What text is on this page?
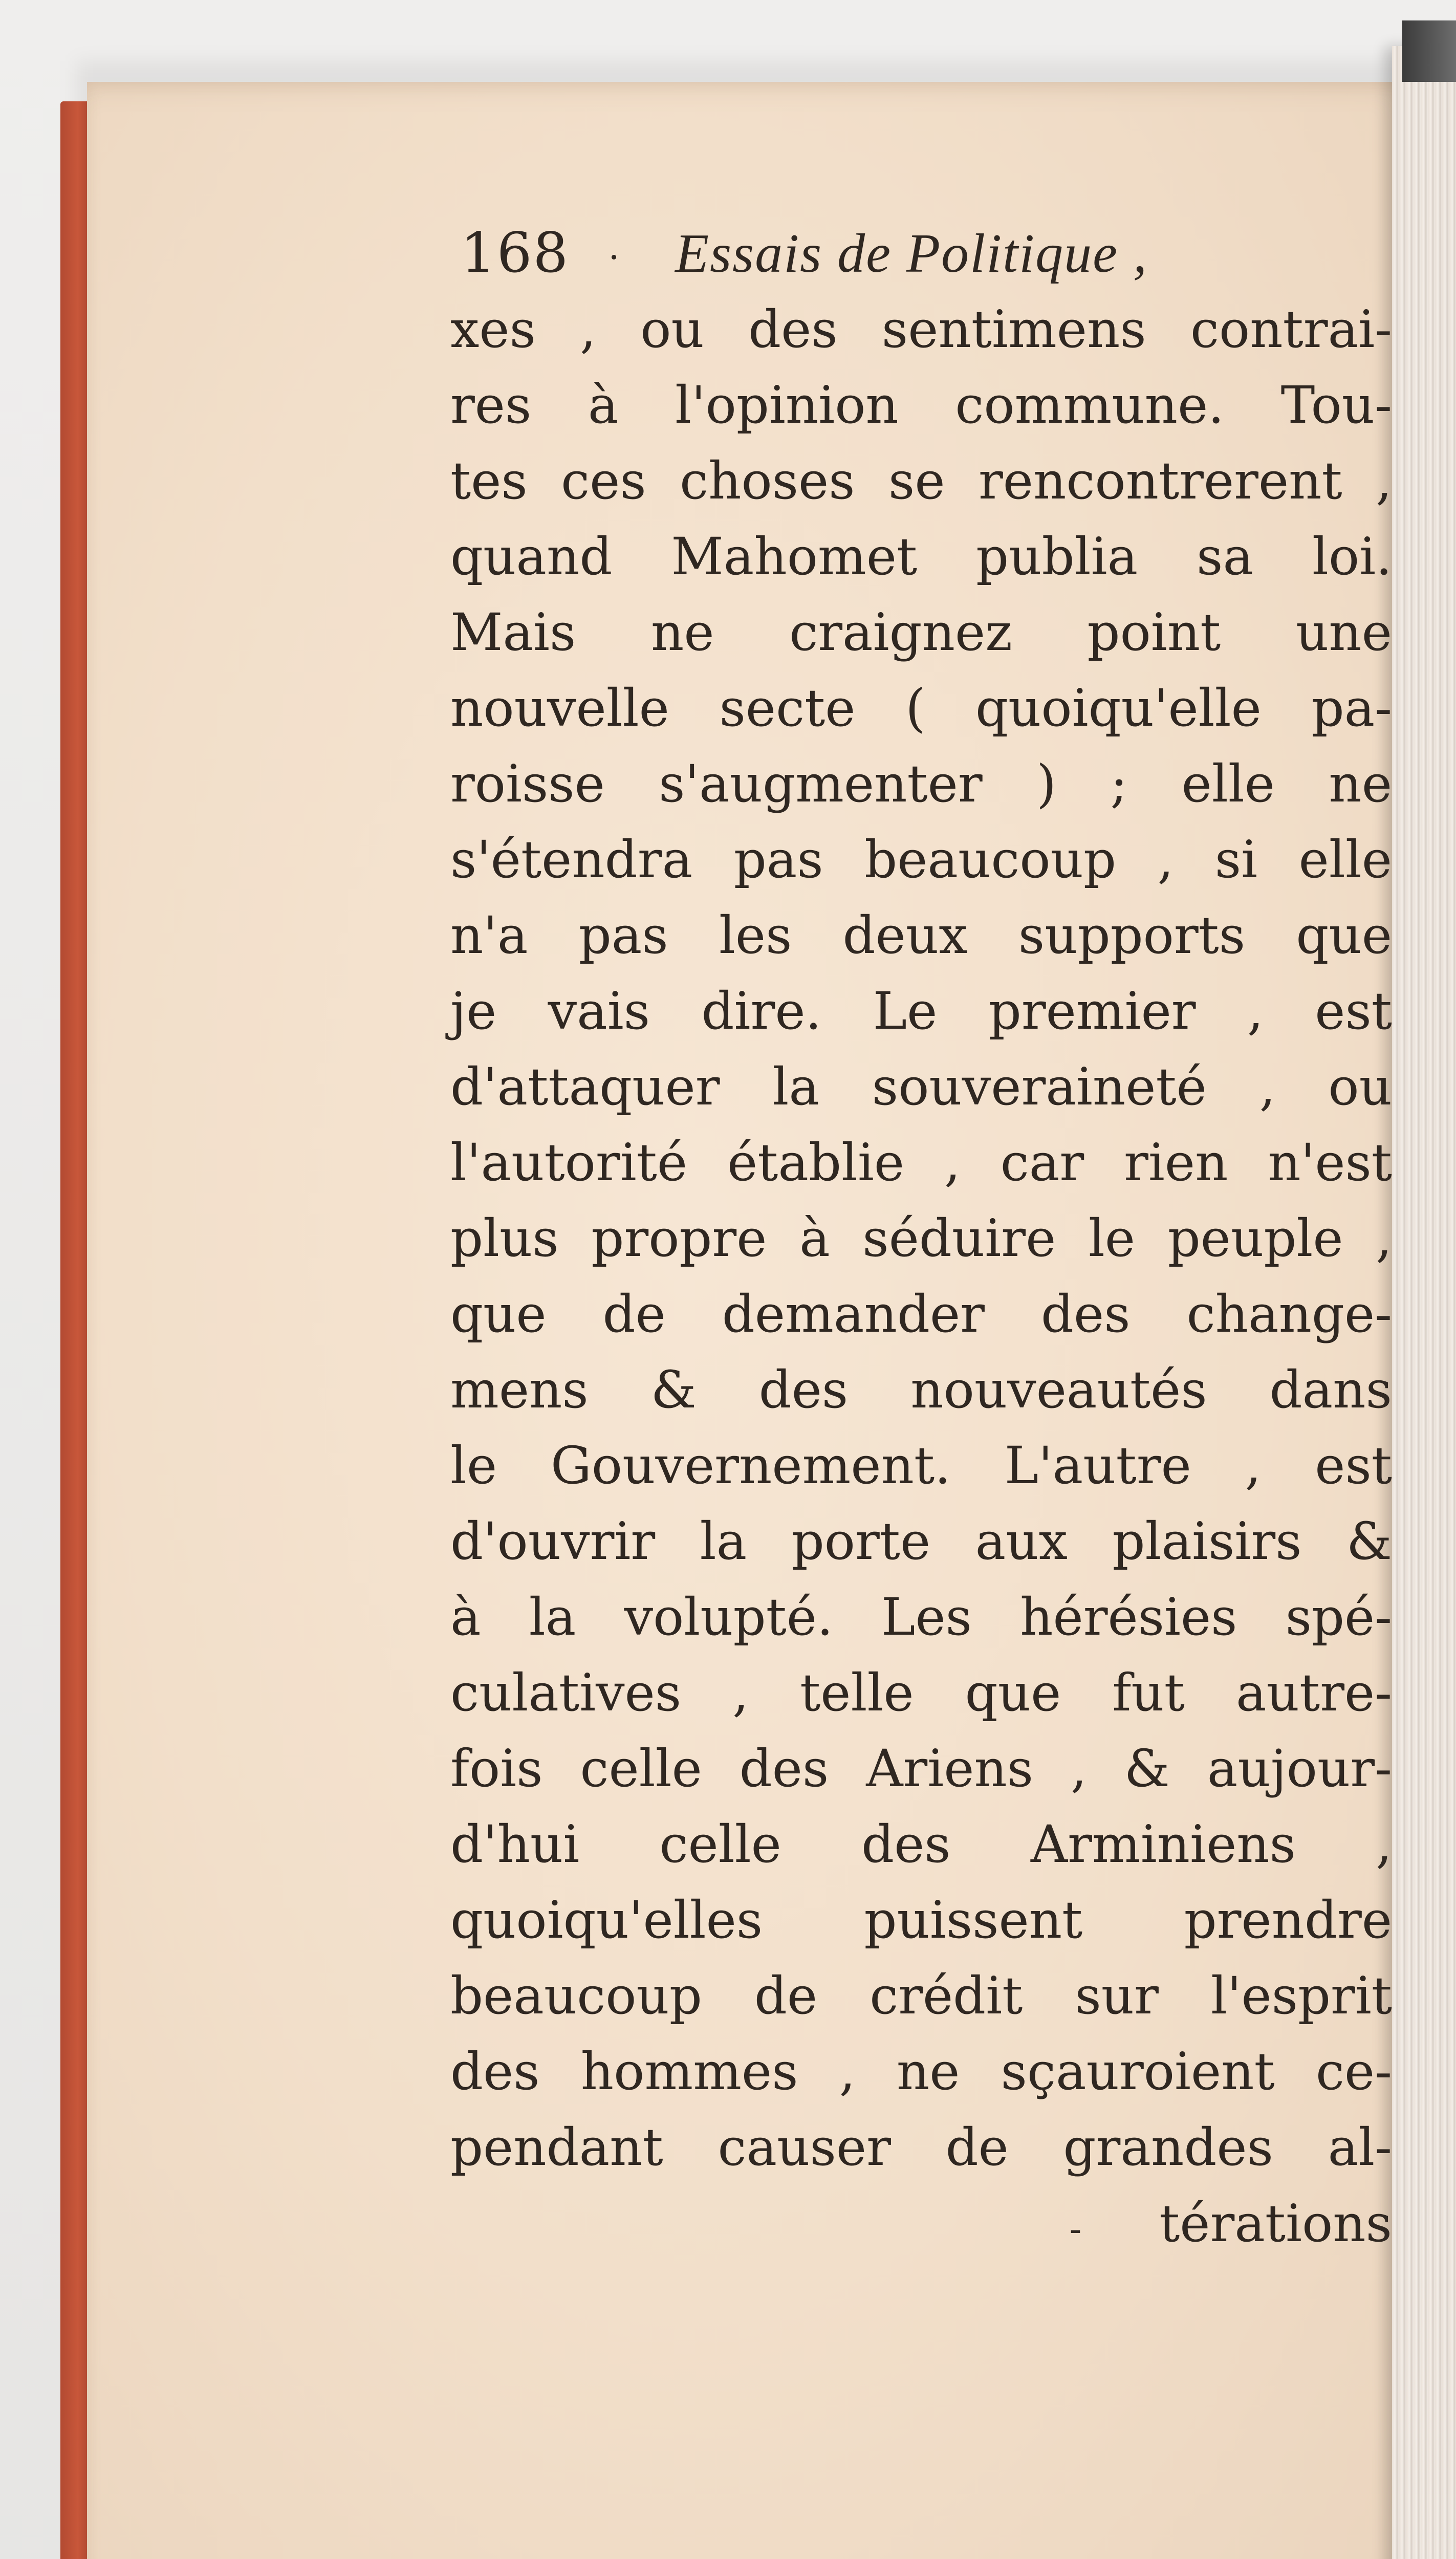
168 · Essais de Politique ,
xes , ou des sentimens contrai-
res à l'opinion commune. Tou-
tes ces choses se rencontrerent ,
quand Mahomet publia sa loi.
Mais ne craignez point une
nouvelle secte ( quoiqu'elle pa-
roisse s'augmenter ) ; elle ne
s'étendra pas beaucoup , si elle
n'a pas les deux supports que
je vais dire. Le premier , est
d'attaquer la souveraineté , ou
l'autorité établie , car rien n'est
plus propre à séduire le peuple ,
que de demander des change-
mens & des nouveautés dans
le Gouvernement. L'autre , est
d'ouvrir la porte aux plaisirs &
à la volupté. Les hérésies spé-
culatives , telle que fut autre-
fois celle des Ariens , & aujour-
d'hui celle des Arminiens ,
quoiqu'elles puissent prendre
beaucoup de crédit sur l'esprit
des hommes , ne sçauroient ce-
pendant causer de grandes al-
- térations
